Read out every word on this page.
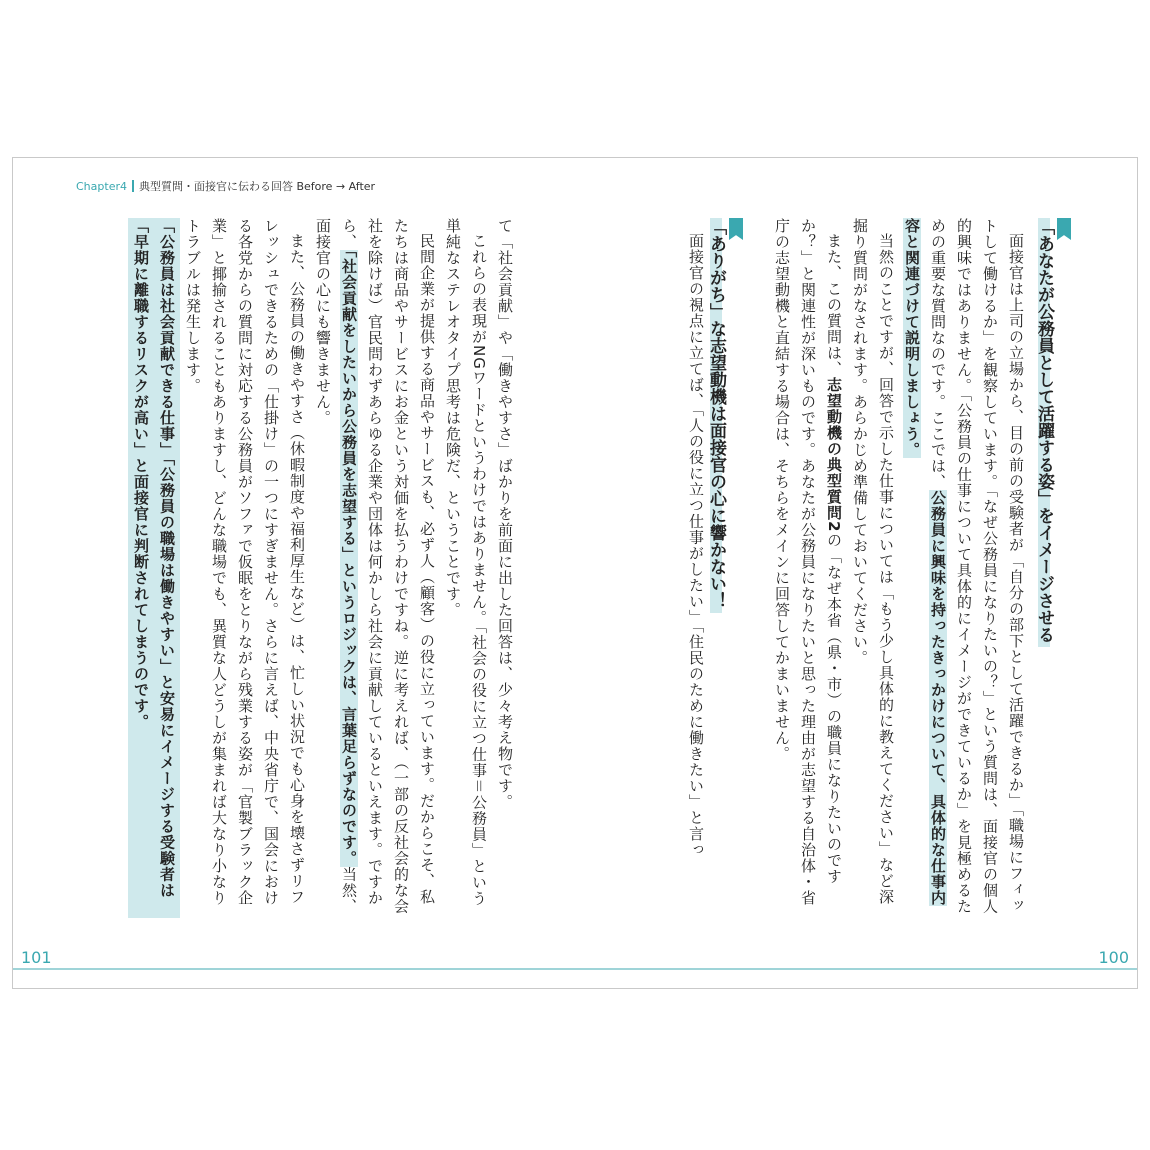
Chapter4 典型質問・面接官に伝わる回答 Before → After

て「社会貢献」や「働きやすさ」ばかりを前面に出した回答は、少々考え物です。

これらの表現がNGワードというわけではありません。「社会の役に立つ仕事＝公務員」という単純なステレオタイプ思考は危険だ、ということです。

民間企業が提供する商品やサービスも、必ず人（顧客）の役に立っています。だからこそ、私たちは商品やサービスにお金という対価を払うわけですね。逆に考えれば、（一部の反社会的な会社を除けば）官民問わずあらゆる企業や団体は何かしら社会に貢献しているといえます。ですから、「社会貢献をしたいから公務員を志望する」というロジックは、言葉足らずなのです。当然、面接官の心にも響きません。

また、公務員の働きやすさ（休暇制度や福利厚生など）は、忙しい状況でも心身を壊さずリフレッシュできるための「仕掛け」の一つにすぎません。さらに言えば、中央省庁で、国会における各党からの質問に対応する公務員がソファで仮眠をとりながら残業する姿が「官製ブラック企業」と揶揄されることもありますし、どんな職場でも、異質な人どうしが集まれば大なり小なりトラブルは発生します。

「公務員は社会貢献できる仕事」「公務員の職場は働きやすい」と安易にイメージする受験者は「早期に離職するリスクが高い」と面接官に判断されてしまうのです。

101
「あなたが公務員として活躍する姿」をイメージさせる

面接官は上司の立場から、目の前の受験者が「自分の部下として活躍できるか」「職場にフィットして働けるか」を観察しています。「なぜ公務員になりたいの？」という質問は、面接官の個人的興味ではありません。「公務員の仕事について具体的にイメージができているか」を見極めるための重要な質問なのです。ここでは、公務員に興味を持ったきっかけについて、具体的な仕事内容と関連づけて説明しましょう。

当然のことですが、回答で示した仕事については「もう少し具体的に教えてください」など深掘り質問がなされます。あらかじめ準備しておいてください。

また、この質問は、志望動機の典型質問2の「なぜ本省（県・市）の職員になりたいのですか？」と関連性が深いものです。あなたが公務員になりたいと思った理由が志望する自治体・省庁の志望動機と直結する場合は、そちらをメインに回答してかまいません。

「ありがち」な志望動機は面接官の心に響かない！

面接官の視点に立てば、「人の役に立つ仕事がしたい」「住民のために働きたい」と言っ

100
